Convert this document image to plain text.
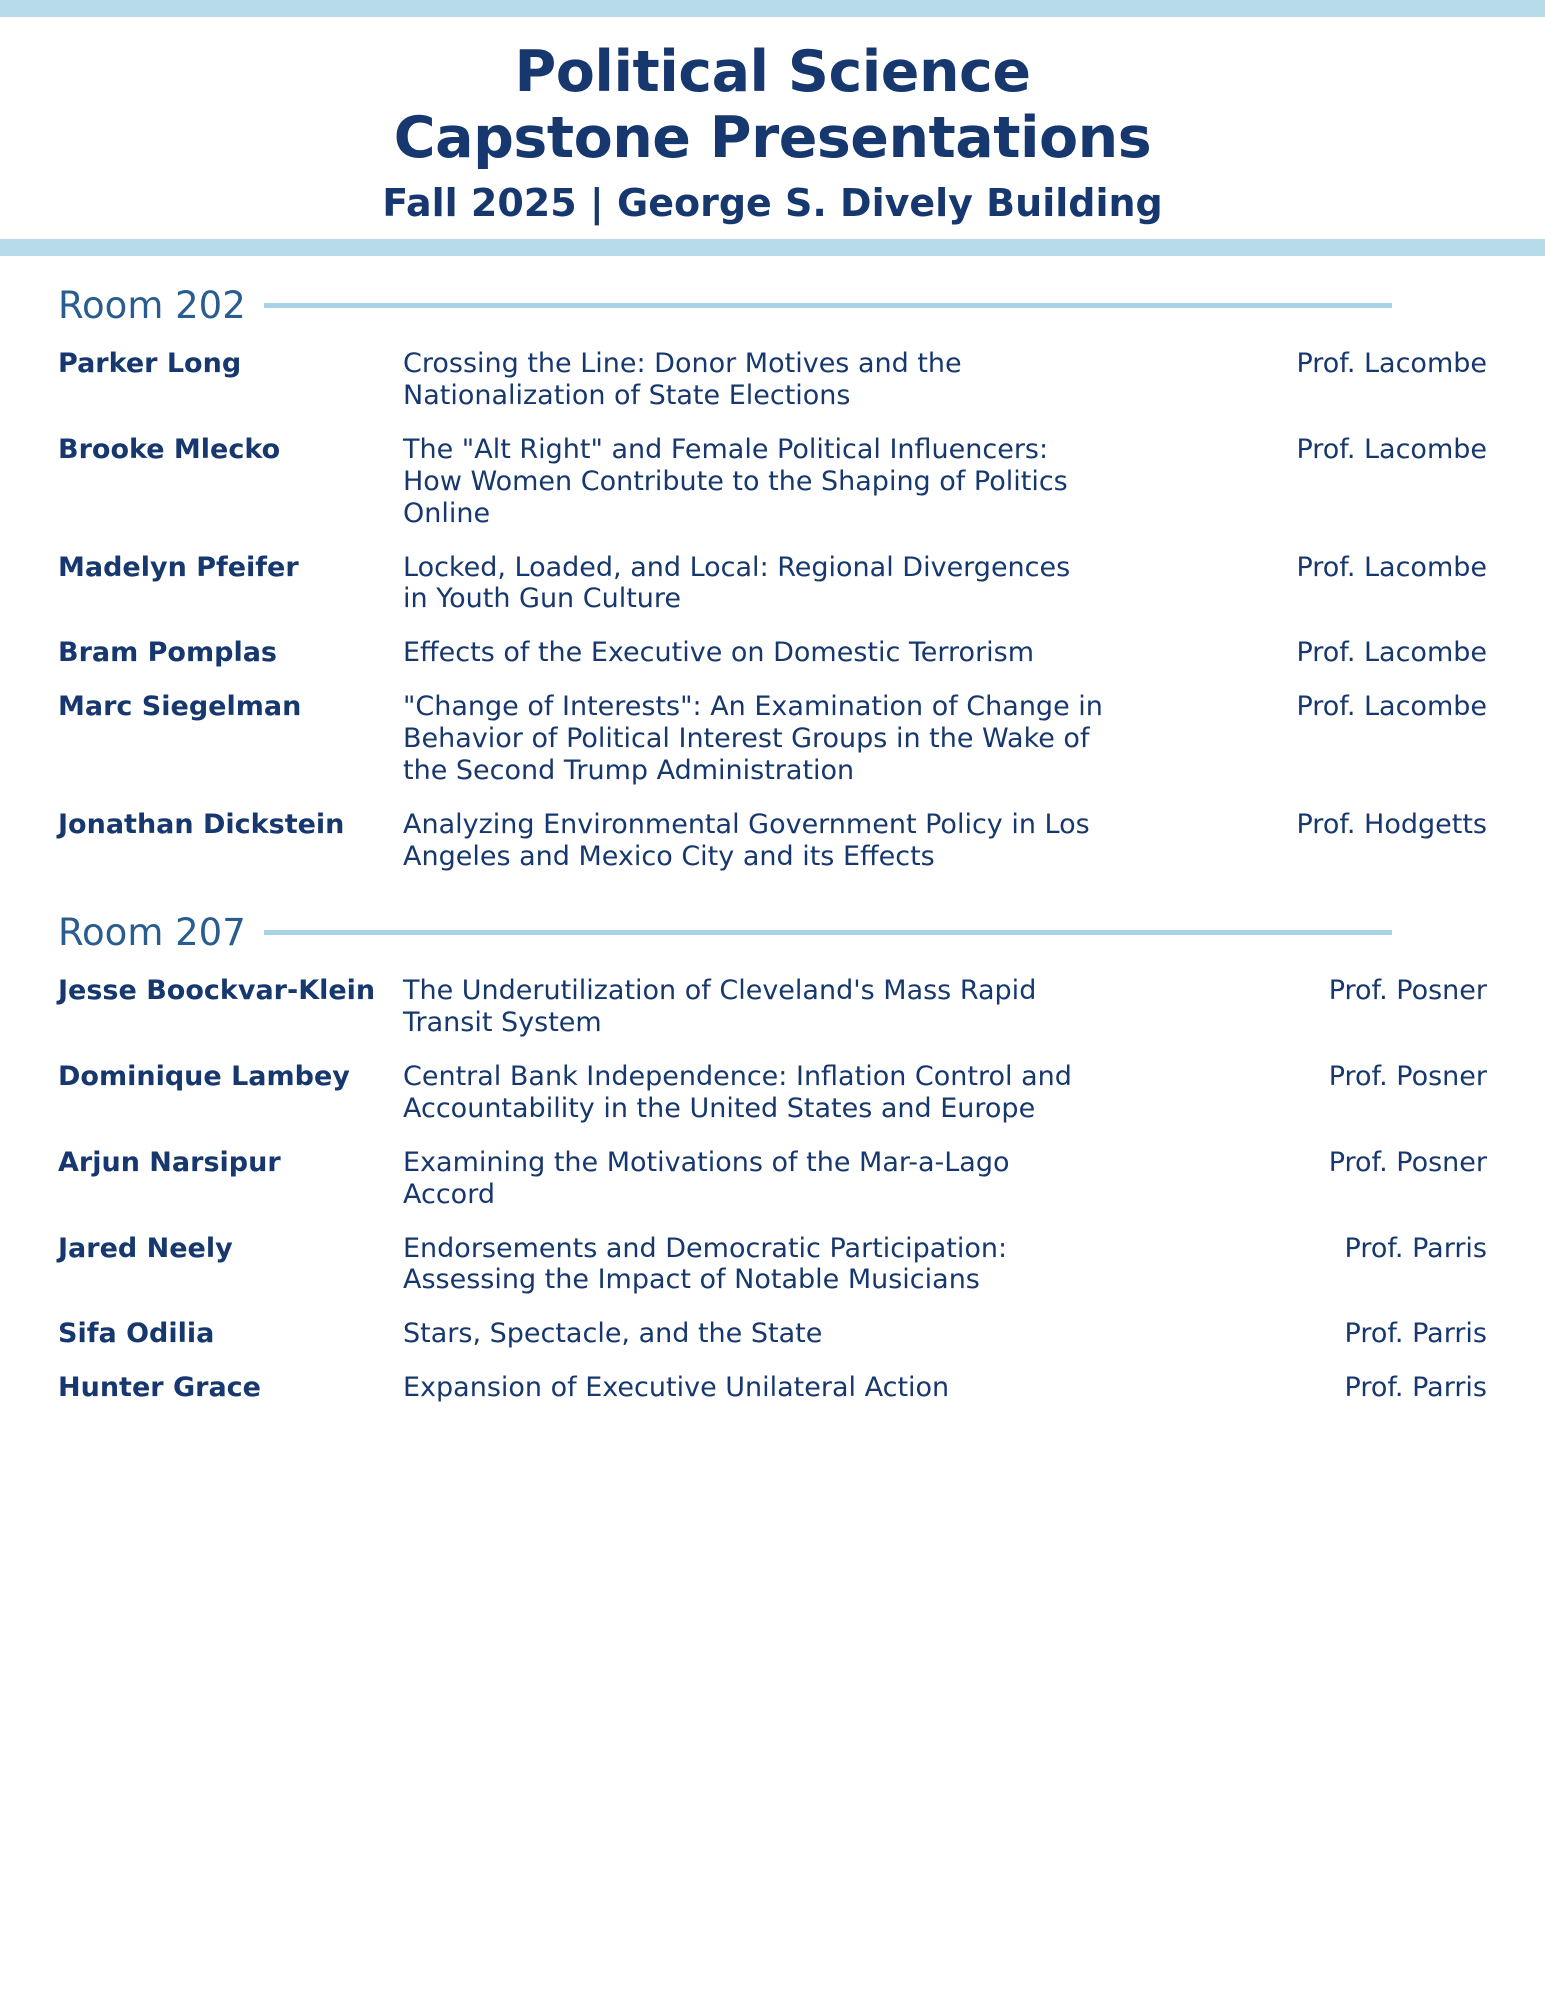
Political Science
Capstone Presentations
Fall 2025 | George S. Dively Building
Room 202
Parker Long	Crossing the Line: Donor Motives and the Nationalization of State Elections	Prof. Lacombe
Brooke Mlecko	The "Alt Right" and Female Political Influencers: How Women Contribute to the Shaping of Politics Online	Prof. Lacombe
Madelyn Pfeifer	Locked, Loaded, and Local: Regional Divergences in Youth Gun Culture	Prof. Lacombe
Bram Pomplas	Effects of the Executive on Domestic Terrorism	Prof. Lacombe
Marc Siegelman	"Change of Interests": An Examination of Change in Behavior of Political Interest Groups in the Wake of the Second Trump Administration	Prof. Lacombe
Jonathan Dickstein	Analyzing Environmental Government Policy in Los Angeles and Mexico City and its Effects	Prof. Hodgetts
Room 207
Jesse Boockvar-Klein	The Underutilization of Cleveland's Mass Rapid Transit System	Prof. Posner
Dominique Lambey	Central Bank Independence: Inflation Control and Accountability in the United States and Europe	Prof. Posner
Arjun Narsipur	Examining the Motivations of the Mar-a-Lago Accord	Prof. Posner
Jared Neely	Endorsements and Democratic Participation: Assessing the Impact of Notable Musicians	Prof. Parris
Sifa Odilia	Stars, Spectacle, and the State	Prof. Parris
Hunter Grace	Expansion of Executive Unilateral Action	Prof. Parris
